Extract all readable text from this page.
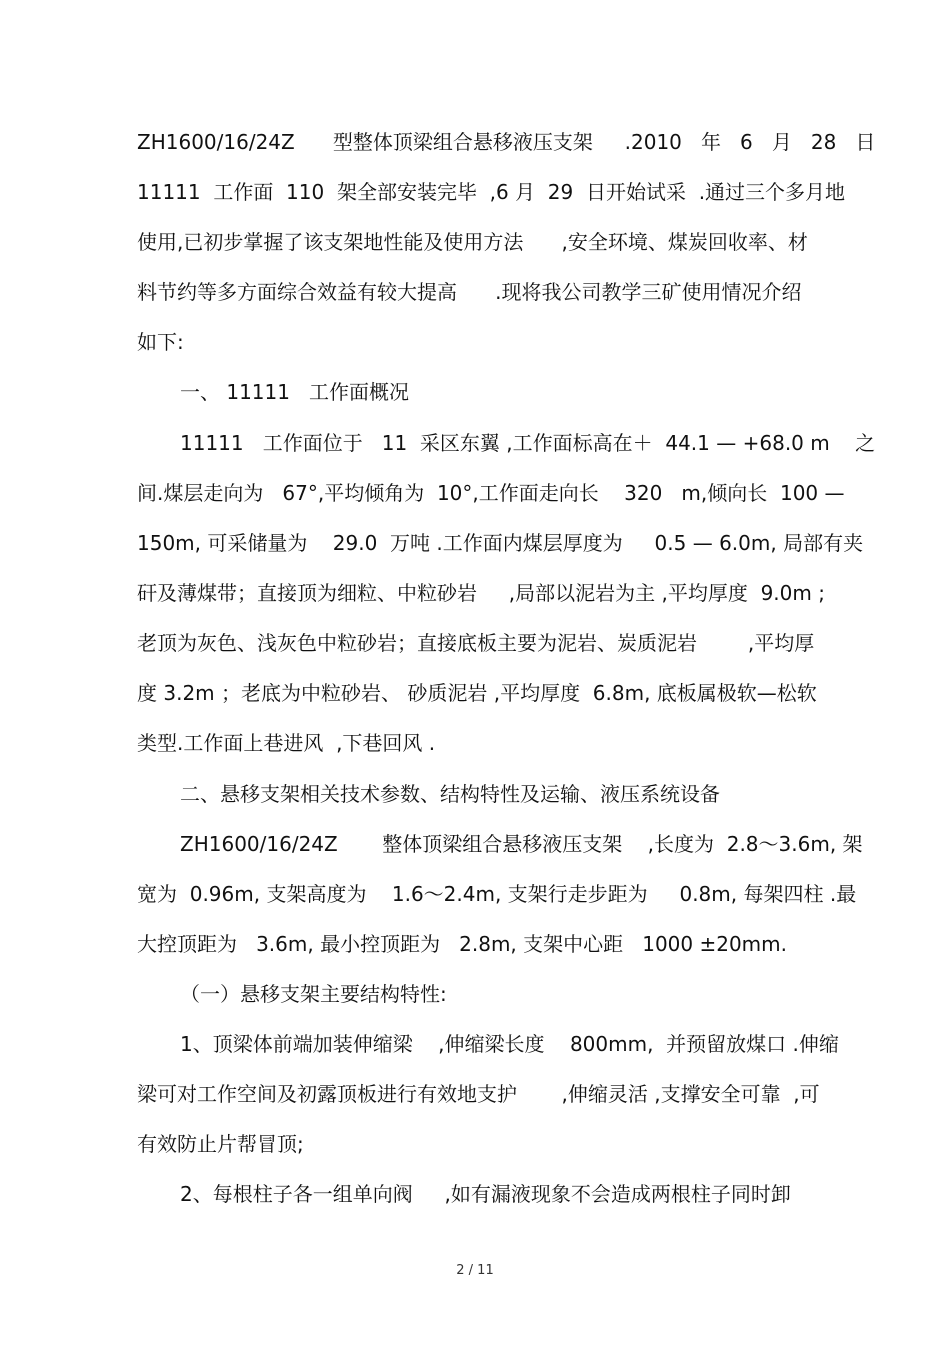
ZH1600/16/24Z      型整体顶梁组合悬移液压支架     .2010   年   6   月   28   日
11111  工作面  110  架全部安装完毕  ,6 月  29  日开始试采  .通过三个多月地
使用,已初步掌握了该支架地性能及使用方法      ,安全环境、煤炭回收率、材
料节约等多方面综合效益有较大提高      .现将我公司教学三矿使用情况介绍
如下:
一、 11111   工作面概况
11111   工作面位于   11  采区东翼 ,工作面标高在＋  44.1 — +68.0 m    之
间.煤层走向为   67°,平均倾角为  10°,工作面走向长    320   m,倾向长  100 —
150m, 可采储量为    29.0  万吨 .工作面内煤层厚度为     0.5 — 6.0m, 局部有夹
矸及薄煤带；直接顶为细粒、中粒砂岩     ,局部以泥岩为主 ,平均厚度  9.0m ;
老顶为灰色、浅灰色中粒砂岩；直接底板主要为泥岩、炭质泥岩        ,平均厚
度 3.2m ；老底为中粒砂岩、 砂质泥岩 ,平均厚度  6.8m, 底板属极软—松软
类型.工作面上巷进风  ,下巷回风 .
二、悬移支架相关技术参数、结构特性及运输、液压系统设备
ZH1600/16/24Z       整体顶梁组合悬移液压支架    ,长度为  2.8～3.6m, 架
宽为  0.96m, 支架高度为    1.6～2.4m, 支架行走步距为     0.8m, 每架四柱 .最
大控顶距为   3.6m, 最小控顶距为   2.8m, 支架中心距   1000 ±20mm.
（一）悬移支架主要结构特性:
1、顶梁体前端加装伸缩梁    ,伸缩梁长度    800mm,  并预留放煤口 .伸缩
梁可对工作空间及初露顶板进行有效地支护       ,伸缩灵活 ,支撑安全可靠  ,可
有效防止片帮冒顶;
2、每根柱子各一组单向阀     ,如有漏液现象不会造成两根柱子同时卸
2 / 11
